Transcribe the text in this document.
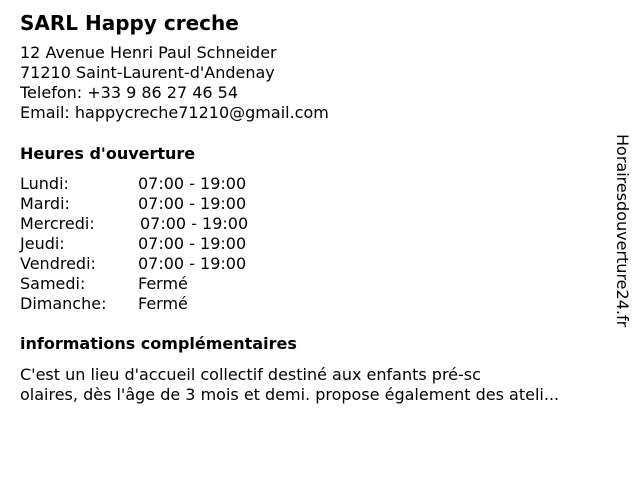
SARL Happy creche
12 Avenue Henri Paul Schneider
71210 Saint-Laurent-d'Andenay
Telefon: +33 9 86 27 46 54
Email: happycreche71210@gmail.com
Heures d'ouverture
Lundi:	07:00 - 19:00
Mardi:	07:00 - 19:00
Mercredi:	07:00 - 19:00
Jeudi:	07:00 - 19:00
Vendredi:	07:00 - 19:00
Samedi:	Fermé
Dimanche: Fermé
informations complémentaires
C'est un lieu d'accueil collectif destiné aux enfants pré-sc
olaires, dès l'âge de 3 mois et demi. propose également des ateli...
Horairesdouverture24.fr
